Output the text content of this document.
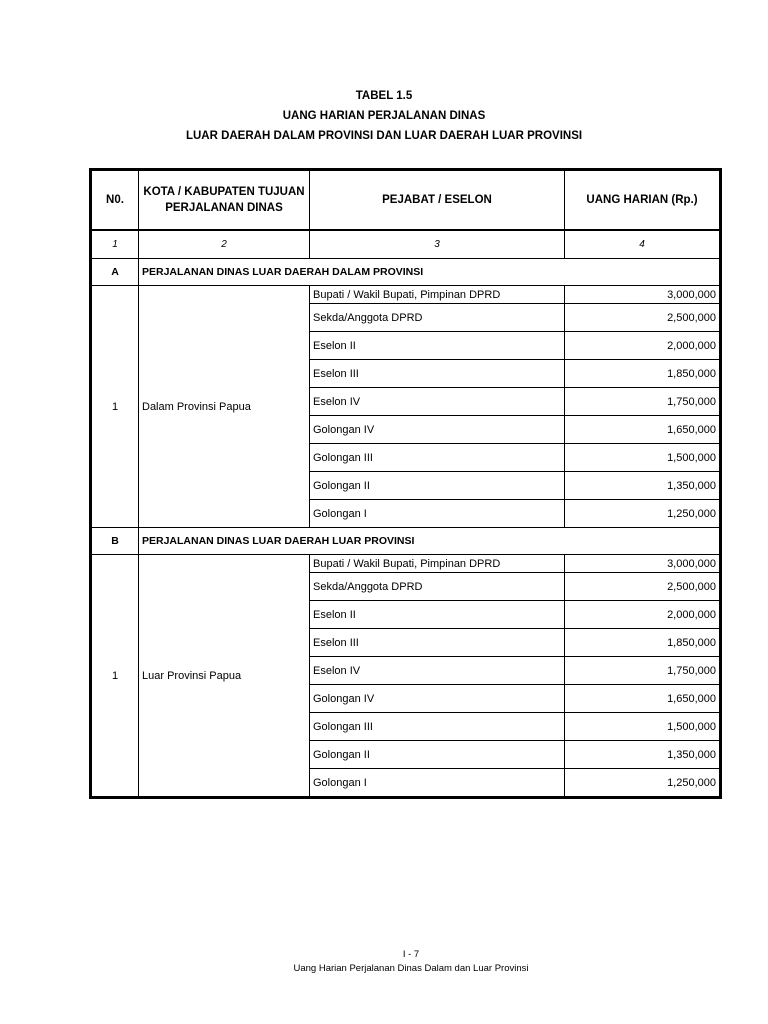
TABEL 1.5
UANG HARIAN PERJALANAN DINAS
LUAR DAERAH DALAM PROVINSI DAN LUAR DAERAH LUAR PROVINSI
N0.	KOTA / KABUPATEN TUJUAN PERJALANAN DINAS	PEJABAT / ESELON	UANG HARIAN (Rp.)
1	2	3	4
A	PERJALANAN DINAS LUAR DAERAH DALAM PROVINSI		
1	Dalam Provinsi Papua	Bupati / Wakil Bupati, Pimpinan DPRD	3,000,000
		Sekda/Anggota DPRD	2,500,000
		Eselon II	2,000,000
		Eselon III	1,850,000
		Eselon IV	1,750,000
		Golongan IV	1,650,000
		Golongan III	1,500,000
		Golongan II	1,350,000
		Golongan I	1,250,000
B	PERJALANAN DINAS LUAR DAERAH LUAR PROVINSI		
1	Luar Provinsi Papua	Bupati / Wakil Bupati, Pimpinan DPRD	3,000,000
		Sekda/Anggota DPRD	2,500,000
		Eselon II	2,000,000
		Eselon III	1,850,000
		Eselon IV	1,750,000
		Golongan IV	1,650,000
		Golongan III	1,500,000
		Golongan II	1,350,000
		Golongan I	1,250,000
I - 7
Uang Harian Perjalanan Dinas Dalam dan Luar Provinsi
